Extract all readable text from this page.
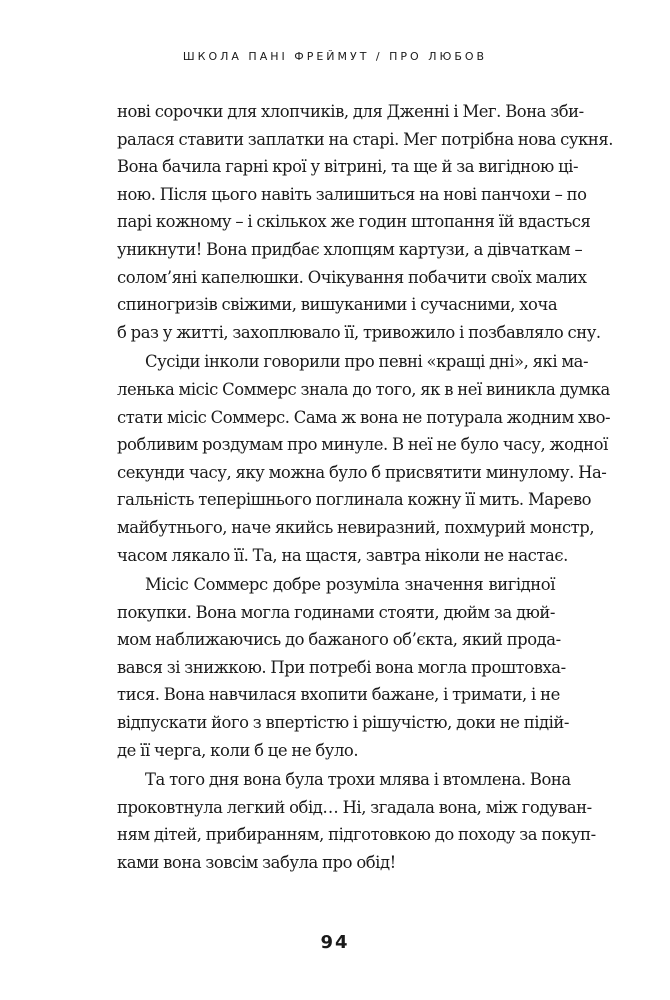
ШКОЛА ПАНІ ФРЕЙМУТ / ПРО ЛЮБОВ
нові сорочки для хлопчиків, для Дженні і Мег. Вона зби-
ралася ставити заплатки на старі. Мег потрібна нова сукня.
Вона бачила гарні крої у вітрині, та ще й за вигідною ці-
ною. Після цього навіть залишиться на нові панчохи – по
парі кожному – і скількох же годин штопання їй вдасться
уникнути! Вона придбає хлопцям картузи, а дівчаткам –
солом’яні капелюшки. Очікування побачити своїх малих
спиногризів свіжими, вишуканими і сучасними, хоча
б раз у житті, захоплювало її, тривожило і позбавляло сну.
Сусіди інколи говорили про певні «кращі дні», які ма-
ленька місіс Соммерс знала до того, як в неї виникла думка
стати місіс Соммерс. Сама ж вона не потурала жодним хво-
робливим роздумам про минуле. В неї не було часу, жодної
секунди часу, яку можна було б присвятити минулому. На-
гальність теперішнього поглинала кожну її мить. Марево
майбутнього, наче якийсь невиразний, похмурий монстр,
часом лякало її. Та, на щастя, завтра ніколи не настає.
Місіс Соммерс добре розуміла значення вигідної
покупки. Вона могла годинами стояти, дюйм за дюй-
мом наближаючись до бажаного об’єкта, який прода-
вався зі знижкою. При потребі вона могла проштовха-
тися. Вона навчилася вхопити бажане, і тримати, і не
відпускати його з впертістю і рішучістю, доки не підій-
де її черга, коли б це не було.
Та того дня вона була трохи млява і втомлена. Вона
проковтнула легкий обід… Ні, згадала вона, між годуван-
ням дітей, прибиранням, підготовкою до походу за покуп-
ками вона зовсім забула про обід!
94
